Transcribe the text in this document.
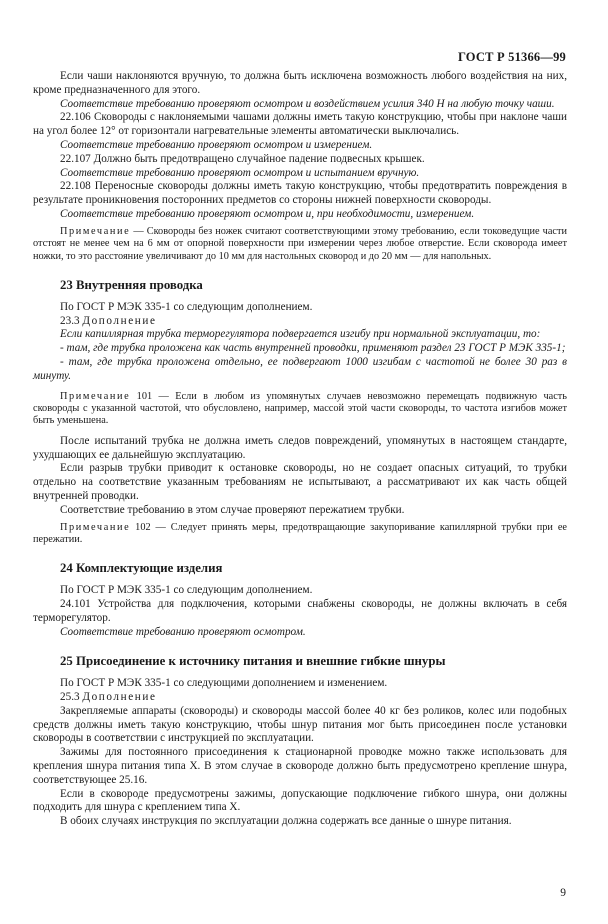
ГОСТ Р 51366—99

Если чаши наклоняются вручную, то должна быть исключена возможность любого воздействия на них, кроме предназначенного для этого.

Соответствие требованию проверяют осмотром и воздействием усилия 340 Н на любую точку чаши.

22.106 Сковороды с наклоняемыми чашами должны иметь такую конструкцию, чтобы при наклоне чаши на угол более 12° от горизонтали нагревательные элементы автоматически выключались.

Соответствие требованию проверяют осмотром и измерением.

22.107 Должно быть предотвращено случайное падение подвесных крышек.

Соответствие требованию проверяют осмотром и испытанием вручную.

22.108 Переносные сковороды должны иметь такую конструкцию, чтобы предотвратить повреждения в результате проникновения посторонних предметов со стороны нижней поверхности сковороды.

Соответствие требованию проверяют осмотром и, при необходимости, измерением.

Примечание — Сковороды без ножек считают соответствующими этому требованию, если токоведущие части отстоят не менее чем на 6 мм от опорной поверхности при измерении через любое отверстие. Если сковорода имеет ножки, то это расстояние увеличивают до 10 мм для настольных сковород и до 20 мм — для напольных.

23 Внутренняя проводка

По ГОСТ Р МЭК 335-1 со следующим дополнением.

23.3 Дополнение

Если капиллярная трубка терморегулятора подвергается изгибу при нормальной эксплуатации, то:

- там, где трубка проложена как часть внутренней проводки, применяют раздел 23 ГОСТ Р МЭК 335-1;

- там, где трубка проложена отдельно, ее подвергают 1000 изгибам с частотой не более 30 раз в минуту.

Примечание 101 — Если в любом из упомянутых случаев невозможно перемещать подвижную часть сковороды с указанной частотой, что обусловлено, например, массой этой части сковороды, то частота изгибов может быть уменьшена.

После испытаний трубка не должна иметь следов повреждений, упомянутых в настоящем стандарте, ухудшающих ее дальнейшую эксплуатацию.

Если разрыв трубки приводит к остановке сковороды, но не создает опасных ситуаций, то трубки отдельно на соответствие указанным требованиям не испытывают, а рассматривают их как часть общей внутренней проводки.

Соответствие требованию в этом случае проверяют пережатием трубки.

Примечание 102 — Следует принять меры, предотвращающие закупоривание капиллярной трубки при ее пережатии.

24 Комплектующие изделия

По ГОСТ Р МЭК 335-1 со следующим дополнением.

24.101 Устройства для подключения, которыми снабжены сковороды, не должны включать в себя терморегулятор.

Соответствие требованию проверяют осмотром.

25 Присоединение к источнику питания и внешние гибкие шнуры

По ГОСТ Р МЭК 335-1 со следующими дополнением и изменением.

25.3 Дополнение

Закрепляемые аппараты (сковороды) и сковороды массой более 40 кг без роликов, колес или подобных средств должны иметь такую конструкцию, чтобы шнур питания мог быть присоединен после установки сковороды в соответствии с инструкцией по эксплуатации.

Зажимы для постоянного присоединения к стационарной проводке можно также использовать для крепления шнура питания типа X. В этом случае в сковороде должно быть предусмотрено крепление шнура, соответствующее 25.16.

Если в сковороде предусмотрены зажимы, допускающие подключение гибкого шнура, они должны подходить для шнура с креплением типа X.

В обоих случаях инструкция по эксплуатации должна содержать все данные о шнуре питания.

9
